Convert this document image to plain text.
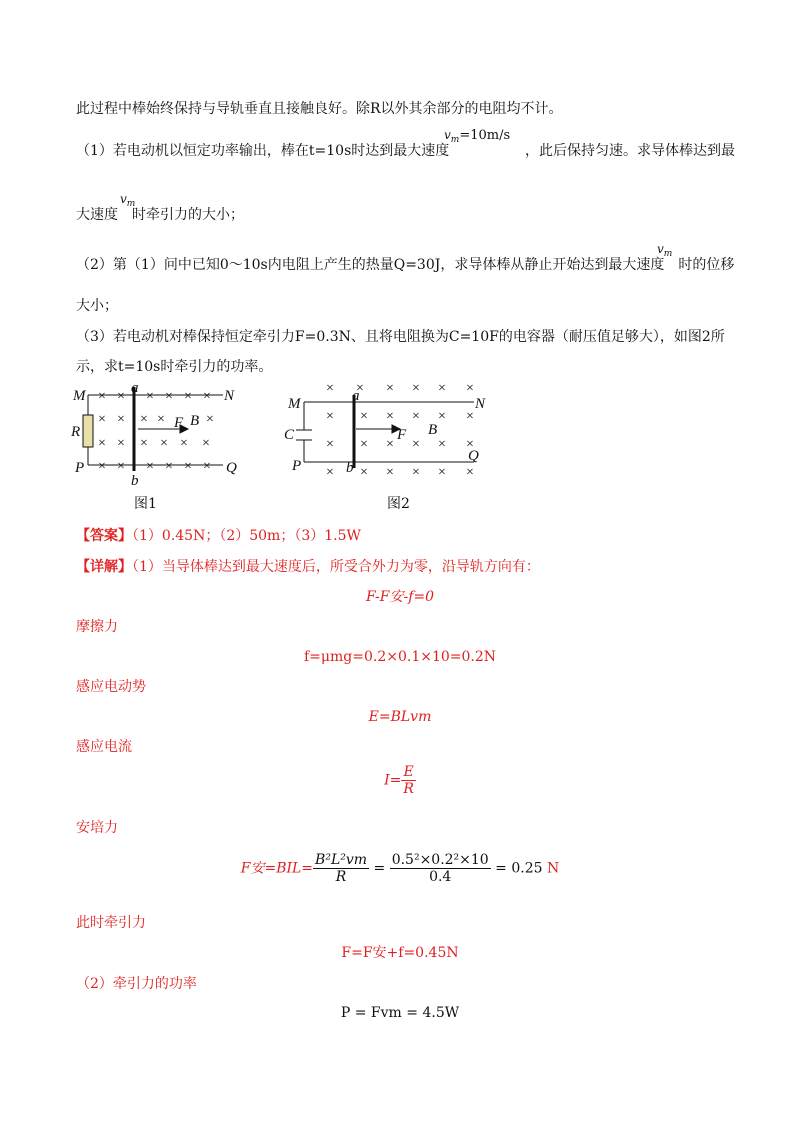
此过程中棒始终保持与导轨垂直且接触良好。除R以外其余部分的电阻均不计。
（1）若电动机以恒定功率输出，棒在t=10s时达到最大速度
$v_m=10m/s$
，此后保持匀速。求导体棒达到最
大速度 时牵引力的大小；
$v_m$
（2）第（1）问中已知0～10s内电阻上产生的热量Q=30J，求导体棒从静止开始达到最大速度 时的位移
$v_m$
大小；
（3）若电动机对棒保持恒定牵引力F=0.3N、且将电阻换为C=10F的电容器（耐压值足够大），如图2所
示，求t=10s时牵引力的功率。
× × × × × ×
× × × ×	×
× × × × × ×
× × × × × ×
M	N
P	Q
a
b
R
F B
图1
× × × × × ×
× × × × × ×
× × × × × ×
× × × × × ×
M	N
P
Q
a
b
C	F B
图2
【答案】（1）0.45N；（2）50m；（3）1.5W
【详解】（1）当导体棒达到最大速度后，所受合外力为零，沿导轨方向有：
F-F安-f=0
摩擦力
f=μmg=0.2×0.1×10=0.2N
感应电动势
E=BLvm
感应电流
$I= \frac{E}{R}$
安培力
F安$=BIL= \frac{\text{B²L²vm}}{R} = \frac{\text{0.5²×0.2²×10}}{0.4} = 0.25$ N
此时牵引力
F=F安+f=0.45N
（2）牵引力的功率
P = Fvm = 4.5W
